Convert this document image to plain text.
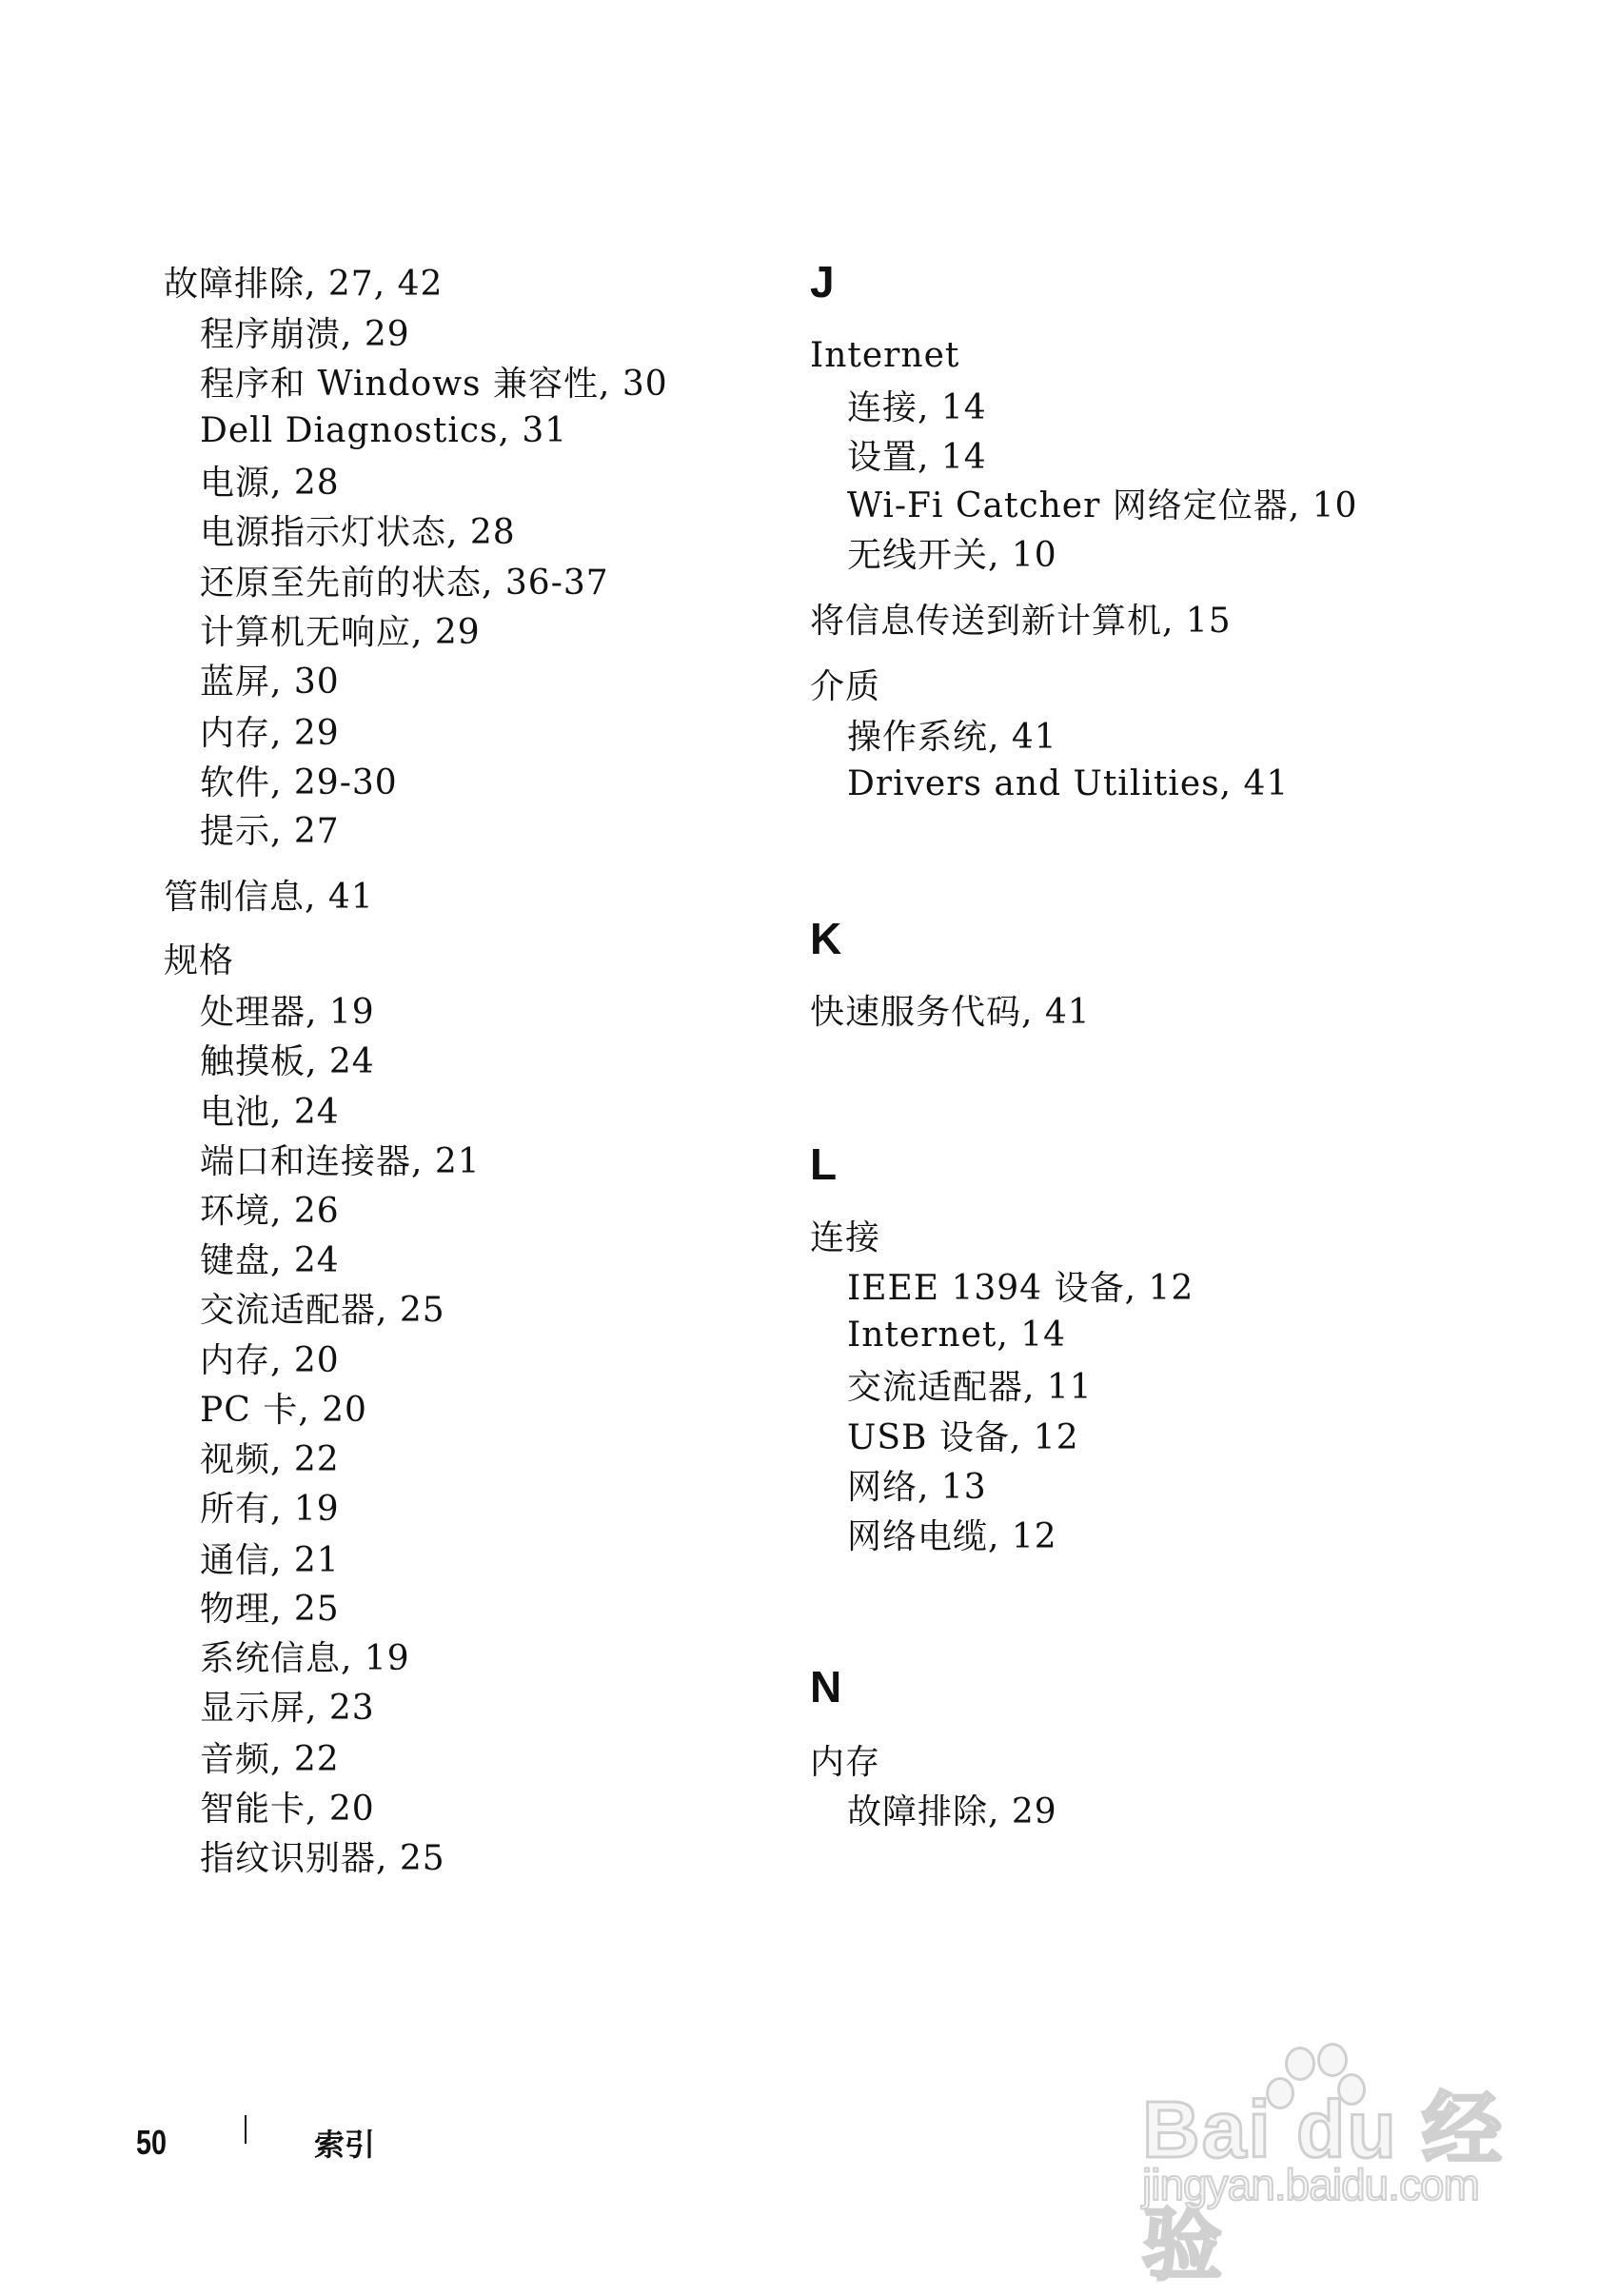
故障排除, 27, 42
程序崩溃, 29
程序和 Windows 兼容性, 30
Dell Diagnostics, 31
电源, 28
电源指示灯状态, 28
还原至先前的状态, 36-37
计算机无响应, 29
蓝屏, 30
内存, 29
软件, 29-30
提示, 27
管制信息, 41
规格
处理器, 19
触摸板, 24
电池, 24
端口和连接器, 21
环境, 26
键盘, 24
交流适配器, 25
内存, 20
PC 卡, 20
视频, 22
所有, 19
通信, 21
物理, 25
系统信息, 19
显示屏, 23
音频, 22
智能卡, 20
指纹识别器, 25
J
Internet
连接, 14
设置, 14
Wi-Fi Catcher 网络定位器, 10
无线开关, 10
将信息传送到新计算机, 15
介质
操作系统, 41
Drivers and Utilities, 41
K
快速服务代码, 41
L
连接
IEEE 1394 设备, 12
Internet, 14
交流适配器, 11
USB 设备, 12
网络, 13
网络电缆, 12
N
内存
故障排除, 29
50	索引	Bai du 经验
jingyan.baidu.com
